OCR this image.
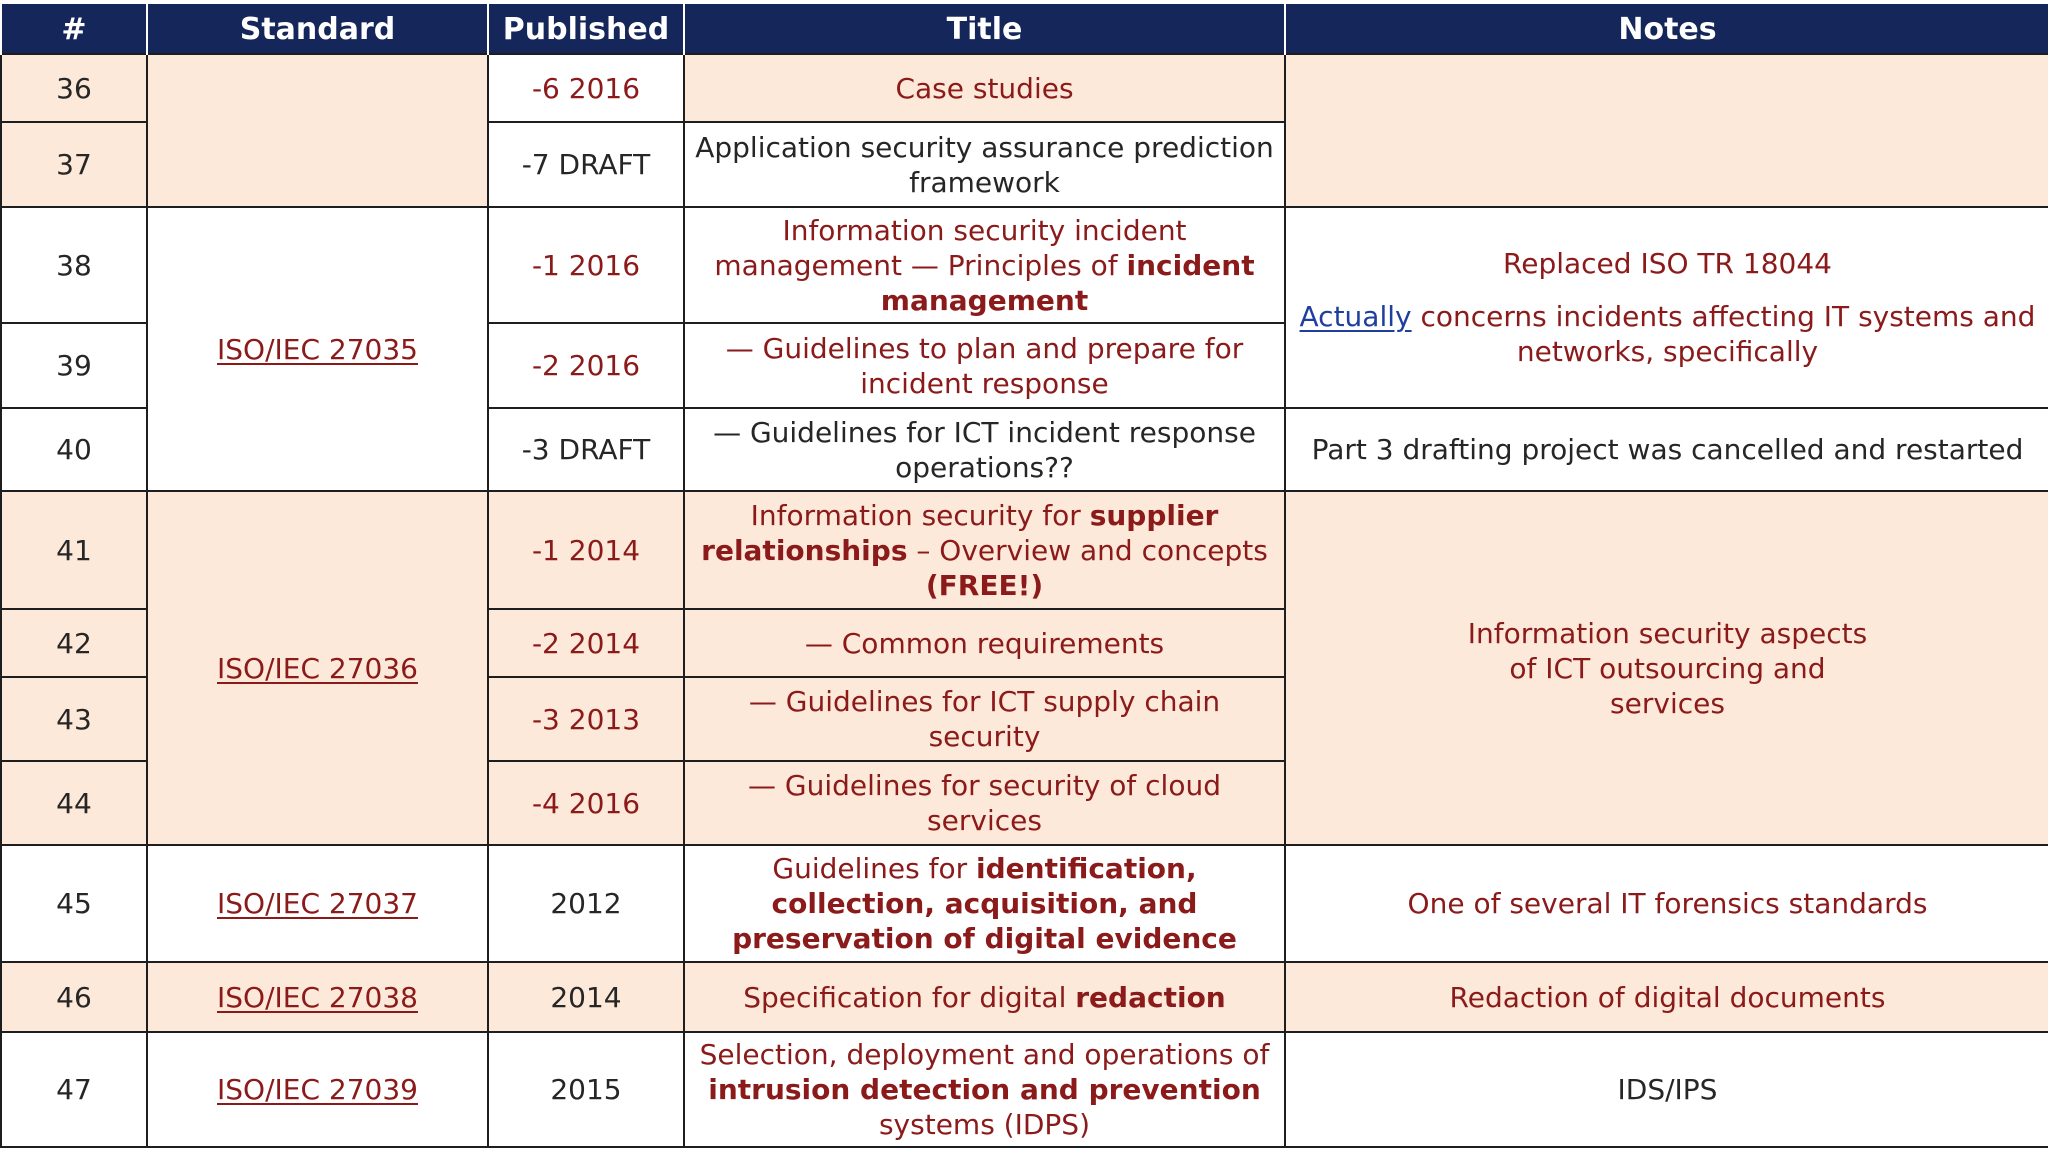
#	Standard	Published	Title	Notes
36		-6 2016	Case studies	
37		-7 DRAFT	Application security assurance prediction framework	
38	ISO/IEC 27035	-1 2016	Information security incident management — Principles of incident management	Replaced ISO TR 18044
Actually concerns incidents affecting IT systems and networks, specifically

39		-2 2016	— Guidelines to plan and prepare for incident response	
40		-3 DRAFT	— Guidelines for ICT incident response operations??	Part 3 drafting project was cancelled and restarted
41	ISO/IEC 27036	-1 2014	Information security for supplier relationships – Overview and concepts (FREE!)	Information security aspects of ICT outsourcing and services
42		-2 2014	— Common requirements	
43		-3 2013	— Guidelines for ICT supply chain security	
44		-4 2016	— Guidelines for security of cloud services	
45	ISO/IEC 27037	2012	Guidelines for identification, collection, acquisition, and preservation of digital evidence	One of several IT forensics standards
46	ISO/IEC 27038	2014	Specification for digital redaction	Redaction of digital documents
47	ISO/IEC 27039	2015	Selection, deployment and operations of intrusion detection and prevention systems (IDPS)	IDS/IPS
